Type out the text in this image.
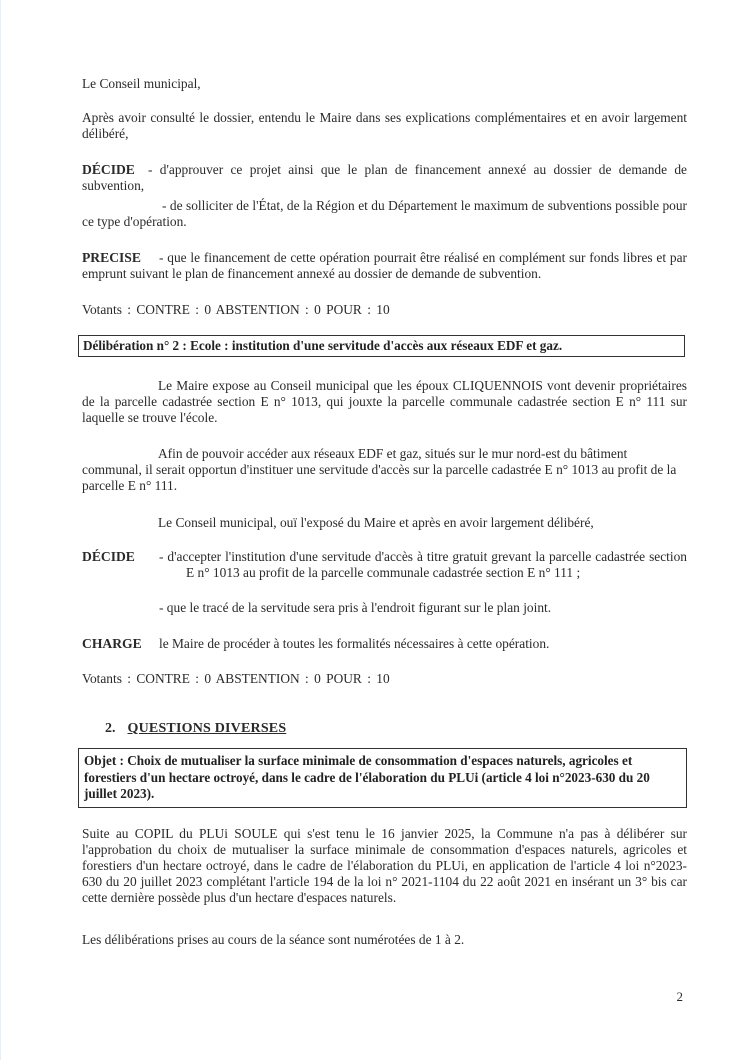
Le Conseil municipal,

Après avoir consulté le dossier, entendu le Maire dans ses explications complémentaires et en avoir largement délibéré,

DÉCIDE - d'approuver ce projet ainsi que le plan de financement annexé au dossier de demande de subvention,

- de solliciter de l'État, de la Région et du Département le maximum de subventions possible pour ce type d'opération.

PRECISE	- que le financement de cette opération pourrait être réalisé en complément sur fonds libres et par emprunt suivant le plan de financement annexé au dossier de demande de subvention.

Votants : CONTRE : 0 ABSTENTION : 0 POUR : 10

Délibération n° 2 : Ecole : institution d'une servitude d'accès aux réseaux EDF et gaz.

Le Maire expose au Conseil municipal que les époux CLIQUENNOIS vont devenir propriétaires de la parcelle cadastrée section E n° 1013, qui jouxte la parcelle communale cadastrée section E n° 111 sur laquelle se trouve l'école.

Afin de pouvoir accéder aux réseaux EDF et gaz, situés sur le mur nord-est du bâtiment communal, il serait opportun d'instituer une servitude d'accès sur la parcelle cadastrée E n° 1013 au profit de la parcelle E n° 111.

Le Conseil municipal, ouï l'exposé du Maire et après en avoir largement délibéré,

DÉCIDE - d'accepter l'institution d'une servitude d'accès à titre gratuit grevant la parcelle cadastrée section E n° 1013 au profit de la parcelle communale cadastrée section E n° 111 ;

- que le tracé de la servitude sera pris à l'endroit figurant sur le plan joint.

CHARGE le Maire de procéder à toutes les formalités nécessaires à cette opération.

Votants : CONTRE : 0 ABSTENTION : 0 POUR : 10

2. QUESTIONS DIVERSES
Objet : Choix de mutualiser la surface minimale de consommation d'espaces naturels, agricoles et forestiers d'un hectare octroyé, dans le cadre de l'élaboration du PLUi (article 4 loi n°2023-630 du 20 juillet 2023).

Suite au COPIL du PLUi SOULE qui s'est tenu le 16 janvier 2025, la Commune n'a pas à délibérer sur l'approbation du choix de mutualiser la surface minimale de consommation d'espaces naturels, agricoles et forestiers d'un hectare octroyé, dans le cadre de l'élaboration du PLUi, en application de l'article 4 loi n°2023-630 du 20 juillet 2023 complétant l'article 194 de la loi n° 2021-1104 du 22 août 2021 en insérant un 3° bis car cette dernière possède plus d'un hectare d'espaces naturels.

Les délibérations prises au cours de la séance sont numérotées de 1 à 2.

2
